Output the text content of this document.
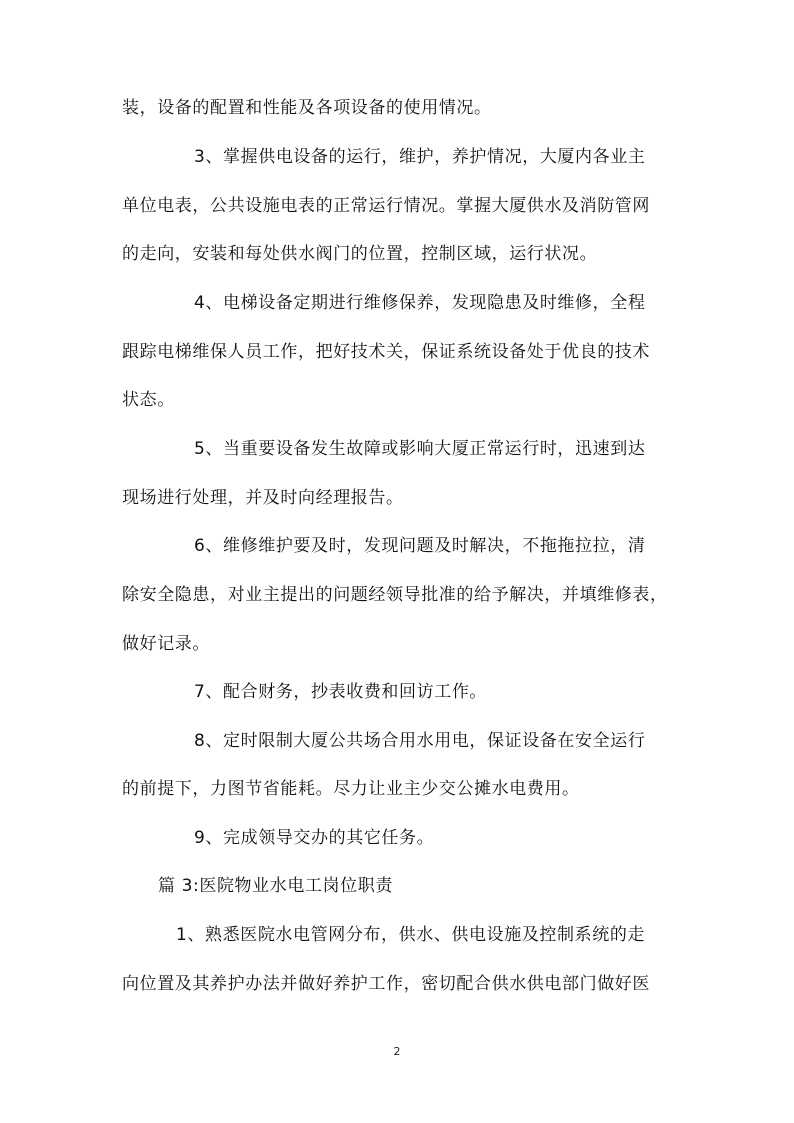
装，设备的配置和性能及各项设备的使用情况。
3、掌握供电设备的运行，维护，养护情况，大厦内各业主
单位电表，公共设施电表的正常运行情况。掌握大厦供水及消防管网
的走向，安装和每处供水阀门的位置，控制区域，运行状况。
4、电梯设备定期进行维修保养，发现隐患及时维修，全程
跟踪电梯维保人员工作，把好技术关，保证系统设备处于优良的技术
状态。
5、当重要设备发生故障或影响大厦正常运行时，迅速到达
现场进行处理，并及时向经理报告。
6、维修维护要及时，发现问题及时解决，不拖拖拉拉，清
除安全隐患，对业主提出的问题经领导批准的给予解决，并填维修表，
做好记录。
7、配合财务，抄表收费和回访工作。
8、定时限制大厦公共场合用水用电，保证设备在安全运行
的前提下，力图节省能耗。尽力让业主少交公摊水电费用。
9、完成领导交办的其它任务。
篇 3:医院物业水电工岗位职责
1、熟悉医院水电管网分布，供水、供电设施及控制系统的走
向位置及其养护办法并做好养护工作，密切配合供水供电部门做好医
2
